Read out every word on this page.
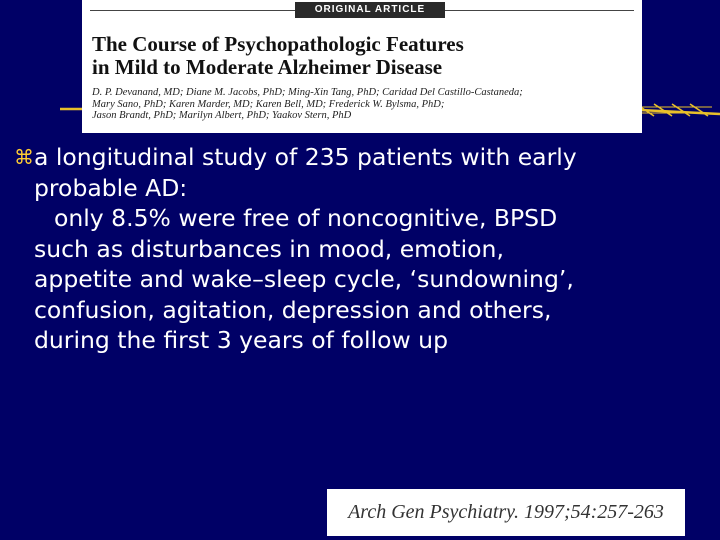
ORIGINAL ARTICLE
The Course of Psychopathologic Features
in Mild to Moderate Alzheimer Disease
D. P. Devanand, MD; Diane M. Jacobs, PhD; Ming-Xin Tang, PhD; Caridad Del Castillo-Castaneda;
Mary Sano, PhD; Karen Marder, MD; Karen Bell, MD; Frederick W. Bylsma, PhD;
Jason Brandt, PhD; Marilyn Albert, PhD; Yaakov Stern, PhD
⌘ a longitudinal study of 235 patients with early
probable AD:
only 8.5% were free of noncognitive, BPSD
such as disturbances in mood, emotion,
appetite and wake–sleep cycle, ‘sundowning’,
confusion, agitation, depression and others,
during the first 3 years of follow up
Arch Gen Psychiatry. 1997;54:257-263
